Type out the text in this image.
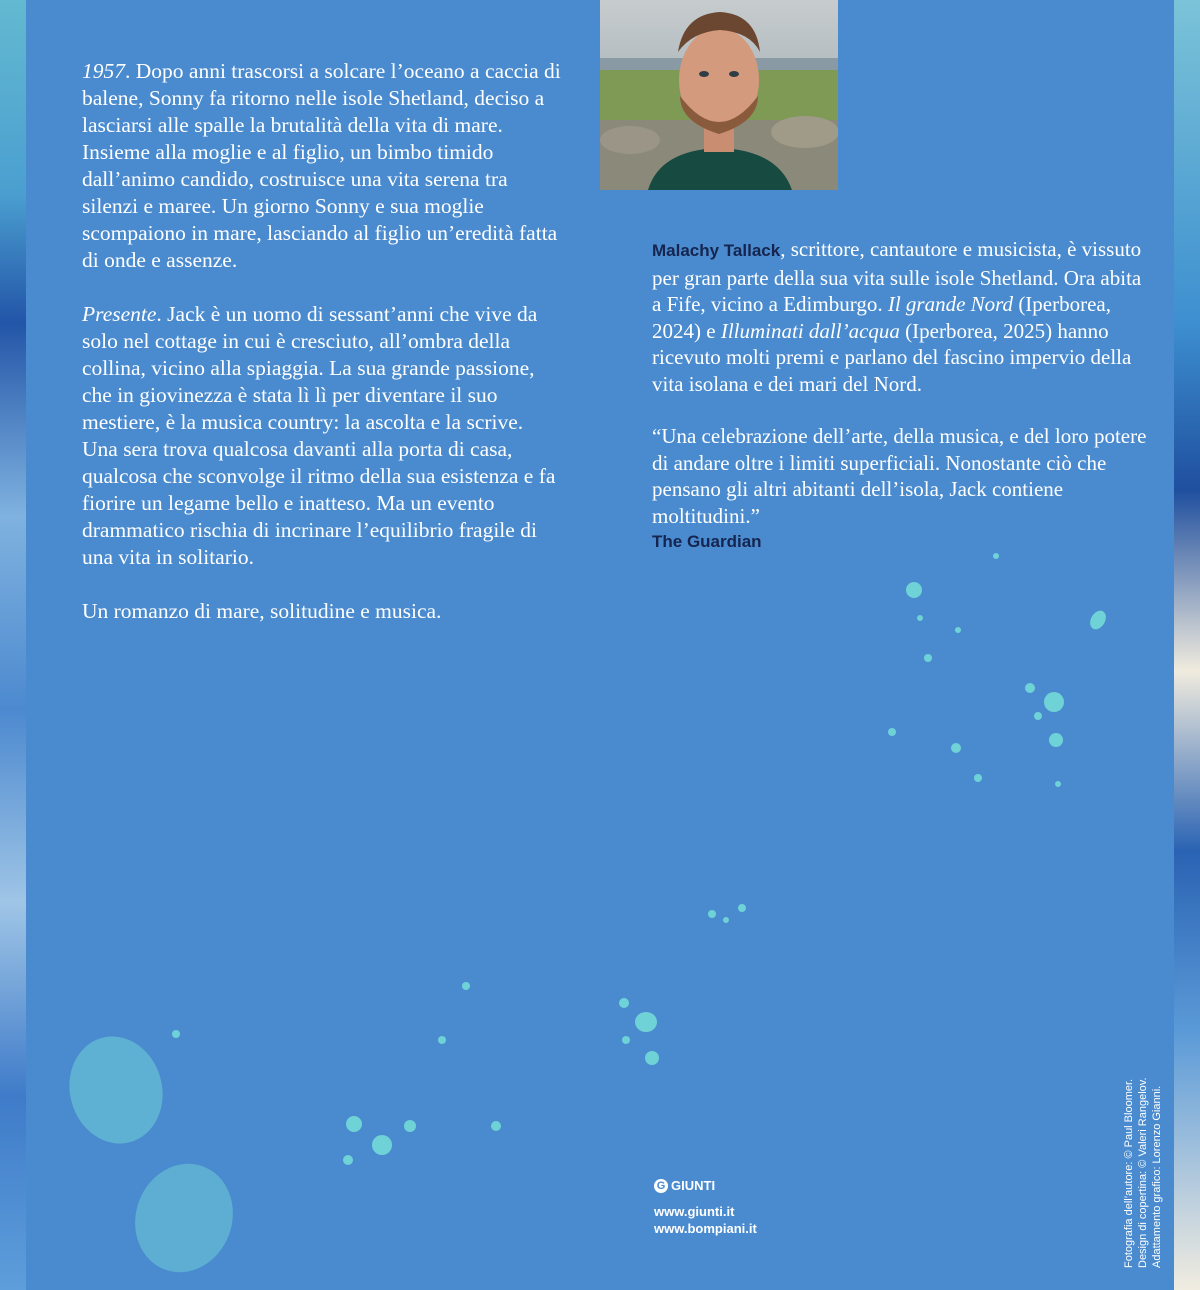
1957. Dopo anni trascorsi a solcare l’oceano a caccia di balene, Sonny fa ritorno nelle isole Shetland, deciso a lasciarsi alle spalle la brutalità della vita di mare. Insieme alla moglie e al figlio, un bimbo timido dall’animo candido, costruisce una vita serena tra silenzi e maree. Un giorno Sonny e sua moglie scompaiono in mare, lasciando al figlio un’eredità fatta di onde e assenze.

Presente. Jack è un uomo di sessant’anni che vive da solo nel cottage in cui è cresciuto, all’ombra della collina, vicino alla spiaggia. La sua grande passione, che in giovinezza è stata lì lì per diventare il suo mestiere, è la musica country: la ascolta e la scrive. Una sera trova qualcosa davanti alla porta di casa, qualcosa che sconvolge il ritmo della sua esistenza e fa fiorire un legame bello e inatteso. Ma un evento drammatico rischia di incrinare l’equilibrio fragile di una vita in solitario.

Un romanzo di mare, solitudine e musica.

Malachy Tallack, scrittore, cantautore e musicista, è vissuto per gran parte della sua vita sulle isole Shetland. Ora abita a Fife, vicino a Edimburgo. Il grande Nord (Iperborea, 2024) e Illuminati dall’acqua (Iperborea, 2025) hanno ricevuto molti premi e parlano del fascino impervio della vita isolana e dei mari del Nord.

“Una celebrazione dell’arte, della musica, e del loro potere di andare oltre i limiti superficiali. Nonostante ciò che pensano gli altri abitanti dell’isola, Jack contiene moltitudini.”
The Guardian

G GIUNTI
www.giunti.it
www.bompiani.it	Fotografia dell’autore: © Paul Bloomer. Design di copertina: © Valeri Rangelov. Adattamento grafico: Lorenzo Gianni.
